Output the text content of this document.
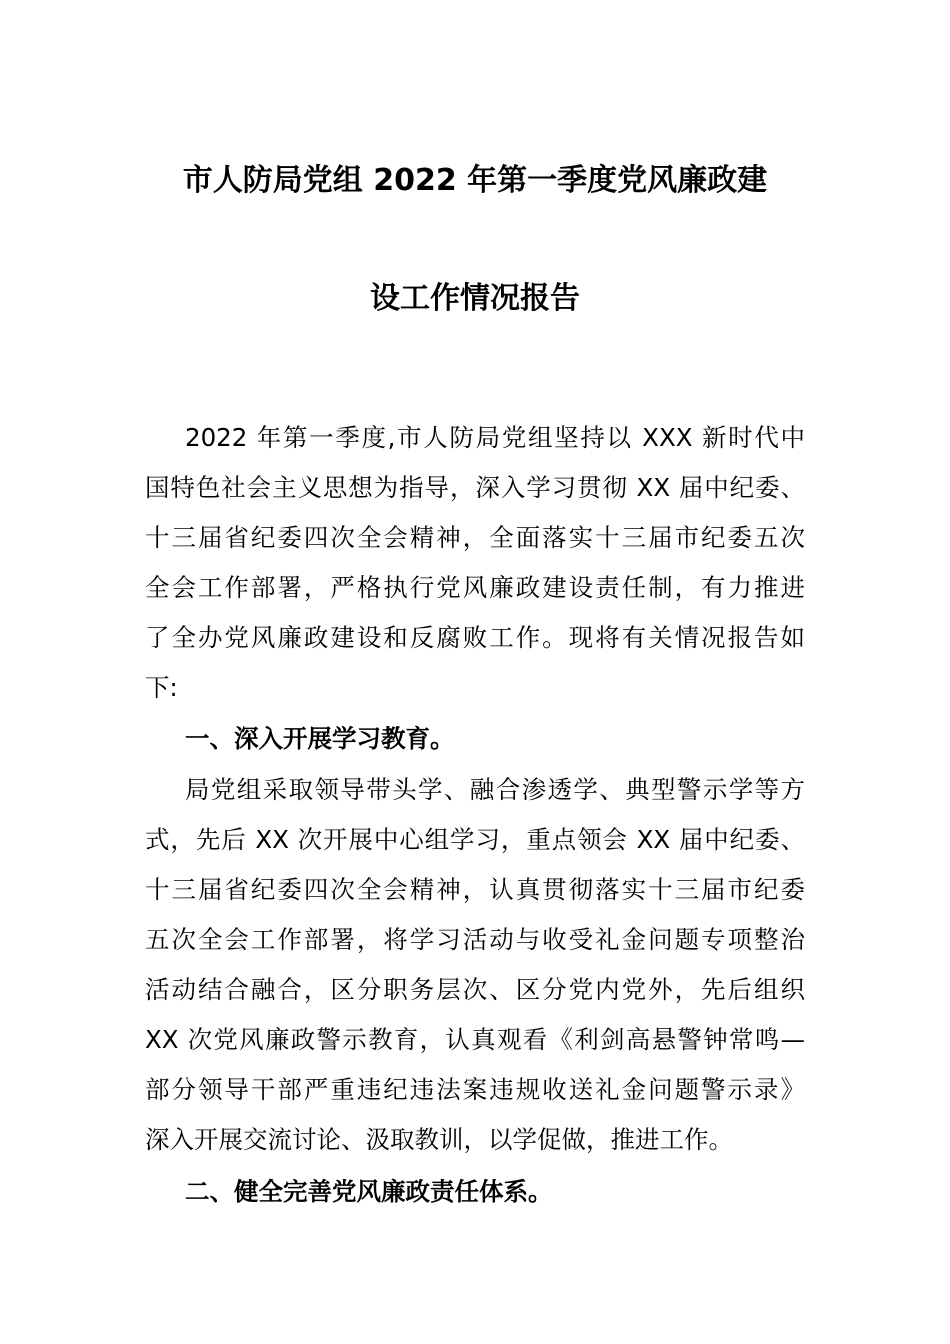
市人防局党组 2022 年第一季度党风廉政建
设工作情况报告
2022 年第一季度,市人防局党组坚持以 XXX 新时代中
国特色社会主义思想为指导，深入学习贯彻 XX 届中纪委、
十三届省纪委四次全会精神，全面落实十三届市纪委五次
全会工作部署，严格执行党风廉政建设责任制，有力推进
了全办党风廉政建设和反腐败工作。现将有关情况报告如
下:
一、深入开展学习教育。
局党组采取领导带头学、融合渗透学、典型警示学等方
式，先后 XX 次开展中心组学习，重点领会 XX 届中纪委、
十三届省纪委四次全会精神，认真贯彻落实十三届市纪委
五次全会工作部署，将学习活动与收受礼金问题专项整治
活动结合融合，区分职务层次、区分党内党外，先后组织
XX 次党风廉政警示教育，认真观看《利剑高悬警钟常鸣—
部分领导干部严重违纪违法案违规收送礼金问题警示录》
深入开展交流讨论、汲取教训，以学促做，推进工作。
二、健全完善党风廉政责任体系。
